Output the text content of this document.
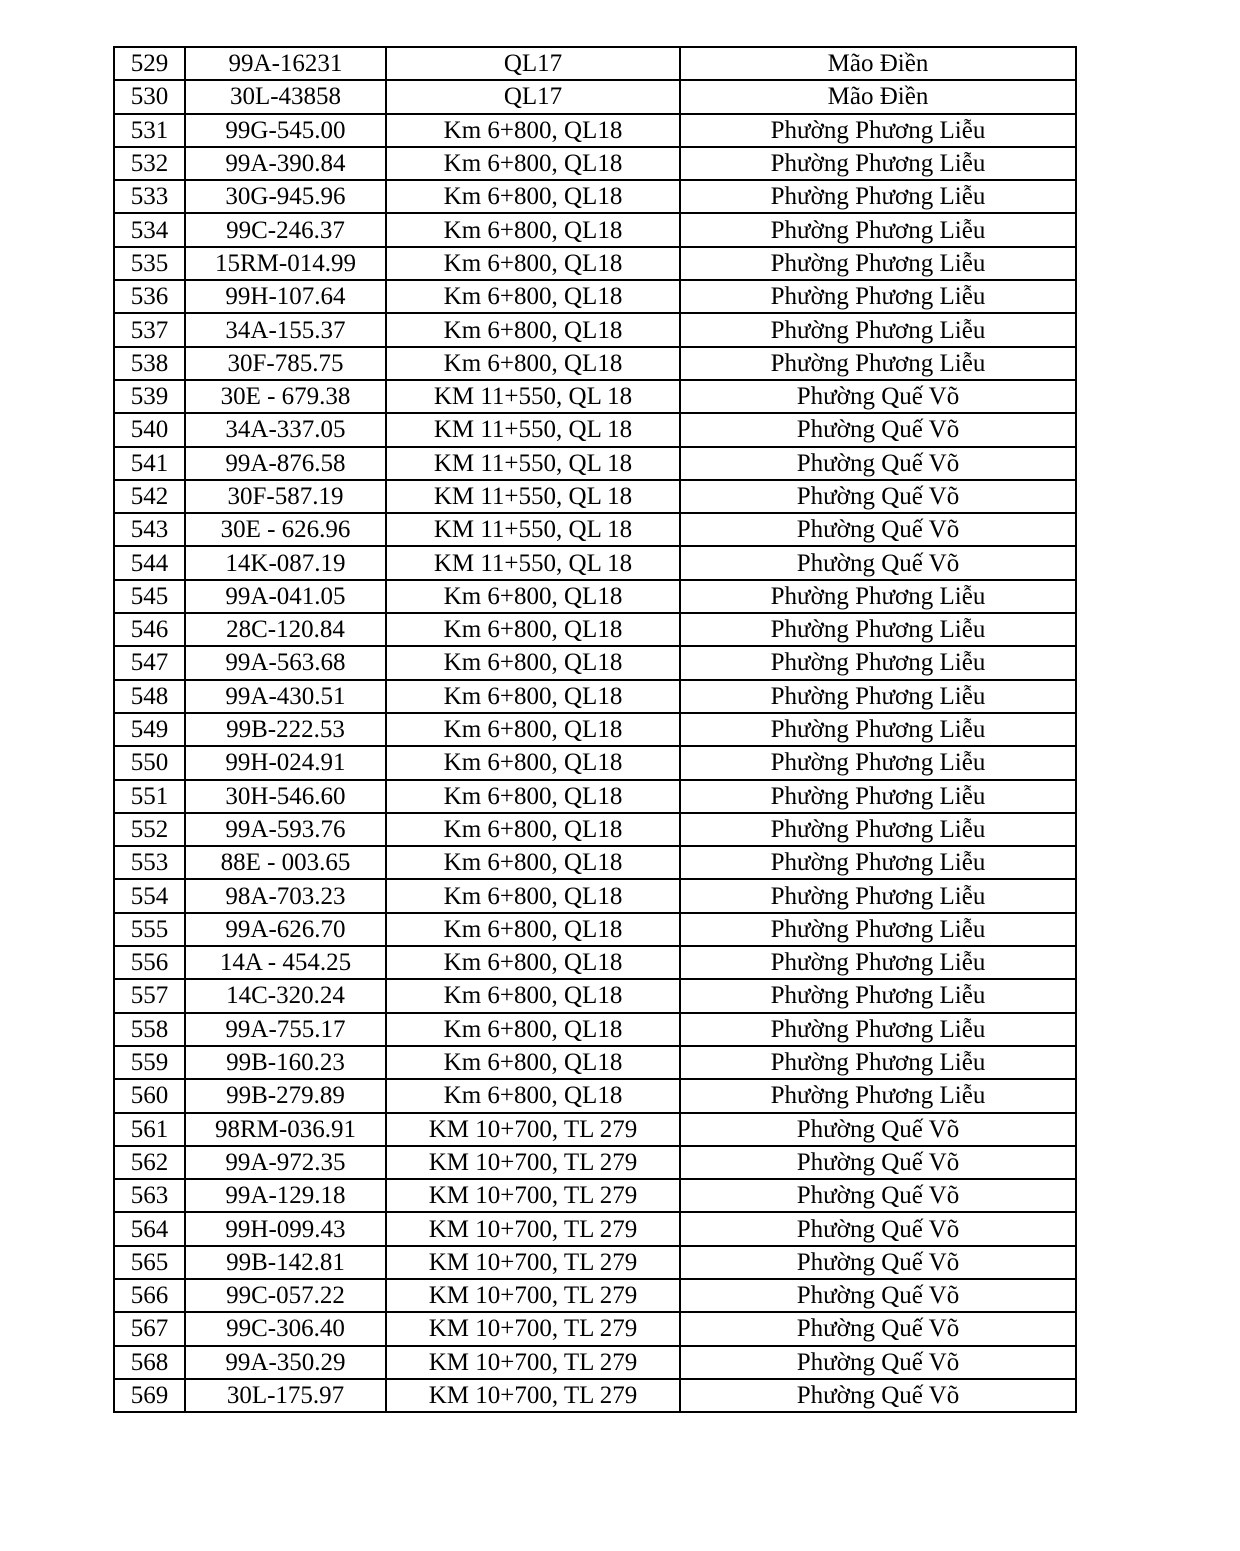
529	99A-16231	QL17	Mão Điền
530	30L-43858	QL17	Mão Điền
531	99G-545.00	Km 6+800, QL18	Phường Phương Liễu
532	99A-390.84	Km 6+800, QL18	Phường Phương Liễu
533	30G-945.96	Km 6+800, QL18	Phường Phương Liễu
534	99C-246.37	Km 6+800, QL18	Phường Phương Liễu
535	15RM-014.99	Km 6+800, QL18	Phường Phương Liễu
536	99H-107.64	Km 6+800, QL18	Phường Phương Liễu
537	34A-155.37	Km 6+800, QL18	Phường Phương Liễu
538	30F-785.75	Km 6+800, QL18	Phường Phương Liễu
539	30E - 679.38	KM 11+550, QL 18	Phường Quế Võ
540	34A-337.05	KM 11+550, QL 18	Phường Quế Võ
541	99A-876.58	KM 11+550, QL 18	Phường Quế Võ
542	30F-587.19	KM 11+550, QL 18	Phường Quế Võ
543	30E - 626.96	KM 11+550, QL 18	Phường Quế Võ
544	14K-087.19	KM 11+550, QL 18	Phường Quế Võ
545	99A-041.05	Km 6+800, QL18	Phường Phương Liễu
546	28C-120.84	Km 6+800, QL18	Phường Phương Liễu
547	99A-563.68	Km 6+800, QL18	Phường Phương Liễu
548	99A-430.51	Km 6+800, QL18	Phường Phương Liễu
549	99B-222.53	Km 6+800, QL18	Phường Phương Liễu
550	99H-024.91	Km 6+800, QL18	Phường Phương Liễu
551	30H-546.60	Km 6+800, QL18	Phường Phương Liễu
552	99A-593.76	Km 6+800, QL18	Phường Phương Liễu
553	88E - 003.65	Km 6+800, QL18	Phường Phương Liễu
554	98A-703.23	Km 6+800, QL18	Phường Phương Liễu
555	99A-626.70	Km 6+800, QL18	Phường Phương Liễu
556	14A - 454.25	Km 6+800, QL18	Phường Phương Liễu
557	14C-320.24	Km 6+800, QL18	Phường Phương Liễu
558	99A-755.17	Km 6+800, QL18	Phường Phương Liễu
559	99B-160.23	Km 6+800, QL18	Phường Phương Liễu
560	99B-279.89	Km 6+800, QL18	Phường Phương Liễu
561	98RM-036.91	KM 10+700, TL 279	Phường Quế Võ
562	99A-972.35	KM 10+700, TL 279	Phường Quế Võ
563	99A-129.18	KM 10+700, TL 279	Phường Quế Võ
564	99H-099.43	KM 10+700, TL 279	Phường Quế Võ
565	99B-142.81	KM 10+700, TL 279	Phường Quế Võ
566	99C-057.22	KM 10+700, TL 279	Phường Quế Võ
567	99C-306.40	KM 10+700, TL 279	Phường Quế Võ
568	99A-350.29	KM 10+700, TL 279	Phường Quế Võ
569	30L-175.97	KM 10+700, TL 279	Phường Quế Võ
